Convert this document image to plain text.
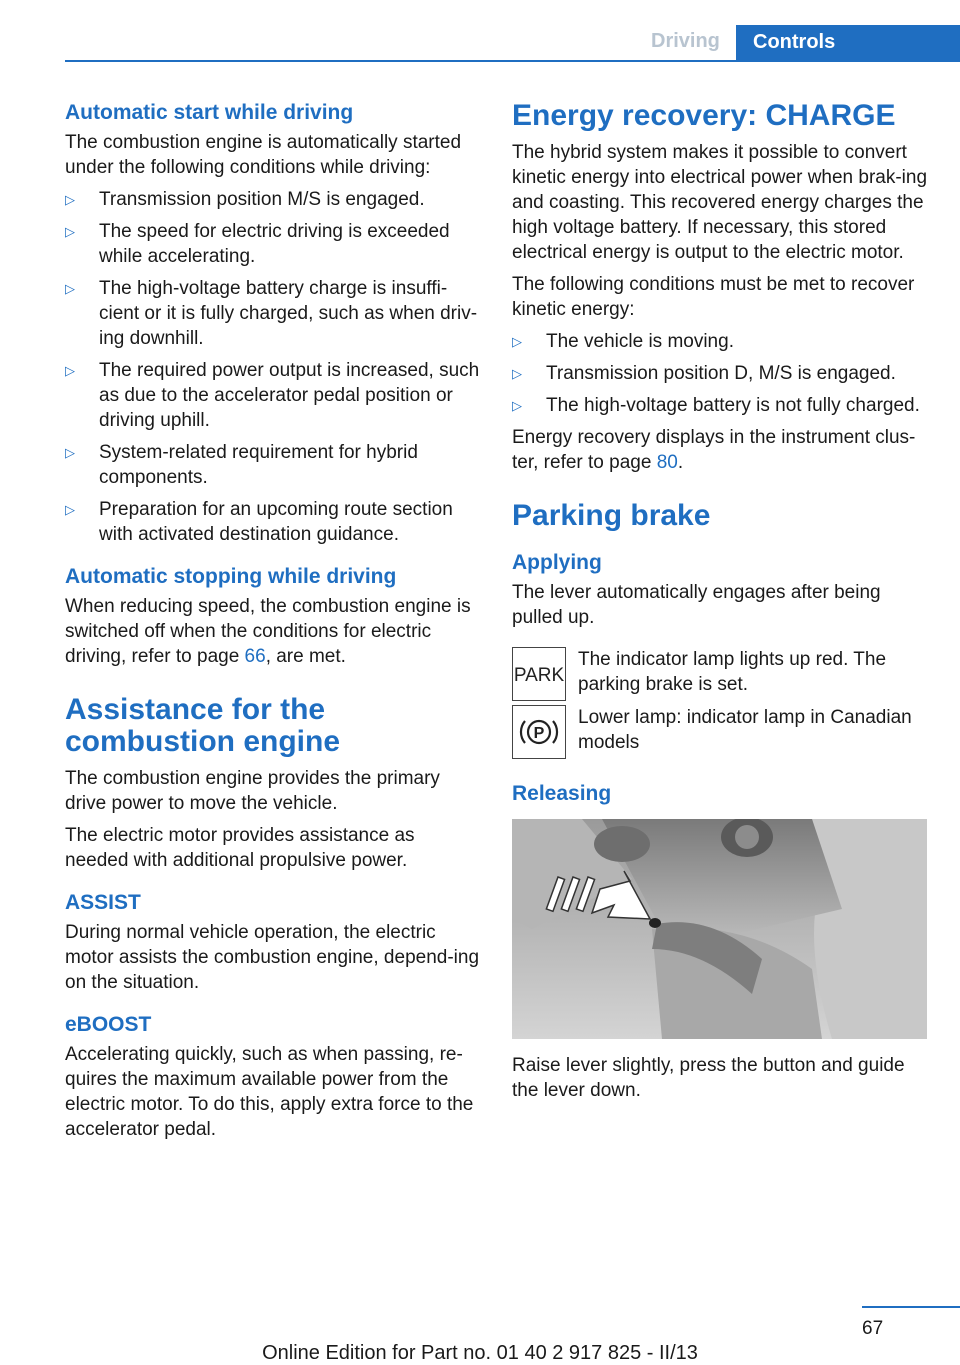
Driving	Controls
Automatic start while driving

The combustion engine is automatically started under the following conditions while driving:

▷ Transmission position M/S is engaged.
▷ The speed for electric driving is exceeded while accelerating.
▷ The high-voltage battery charge is insuffi‐cient or it is fully charged, such as when driv‐ing downhill.
▷ The required power output is increased, such as due to the accelerator pedal position or driving uphill.
▷ System-related requirement for hybrid components.
▷ Preparation for an upcoming route section with activated destination guidance.
Automatic stopping while driving

When reducing speed, the combustion engine is switched off when the conditions for electric driving, refer to page 66, are met.

Assistance for the combustion engine

The combustion engine provides the primary drive power to move the vehicle.

The electric motor provides assistance as needed with additional propulsive power.

ASSIST

During normal vehicle operation, the electric motor assists the combustion engine, depend‐ing on the situation.

eBOOST

Accelerating quickly, such as when passing, re‐quires the maximum available power from the electric motor. To do this, apply extra force to the accelerator pedal.

Energy recovery: CHARGE

The hybrid system makes it possible to convert kinetic energy into electrical power when brak‐ing and coasting. This recovered energy charges the high voltage battery. If necessary, this stored electrical energy is output to the electric motor.

The following conditions must be met to recover kinetic energy:

▷ The vehicle is moving.
▷ Transmission position D, M/S is engaged.
▷ The high-voltage battery is not fully charged.

Energy recovery displays in the instrument clus‐ter, refer to page 80.

Parking brake
Applying

The lever automatically engages after being pulled up.

PARK
The indicator lamp lights up red. The parking brake is set.
P
Lower lamp: indicator lamp in Canadian models
Releasing

Raise lever slightly, press the button and guide the lever down.

67
Online Edition for Part no. 01 40 2 917 825 - II/13
